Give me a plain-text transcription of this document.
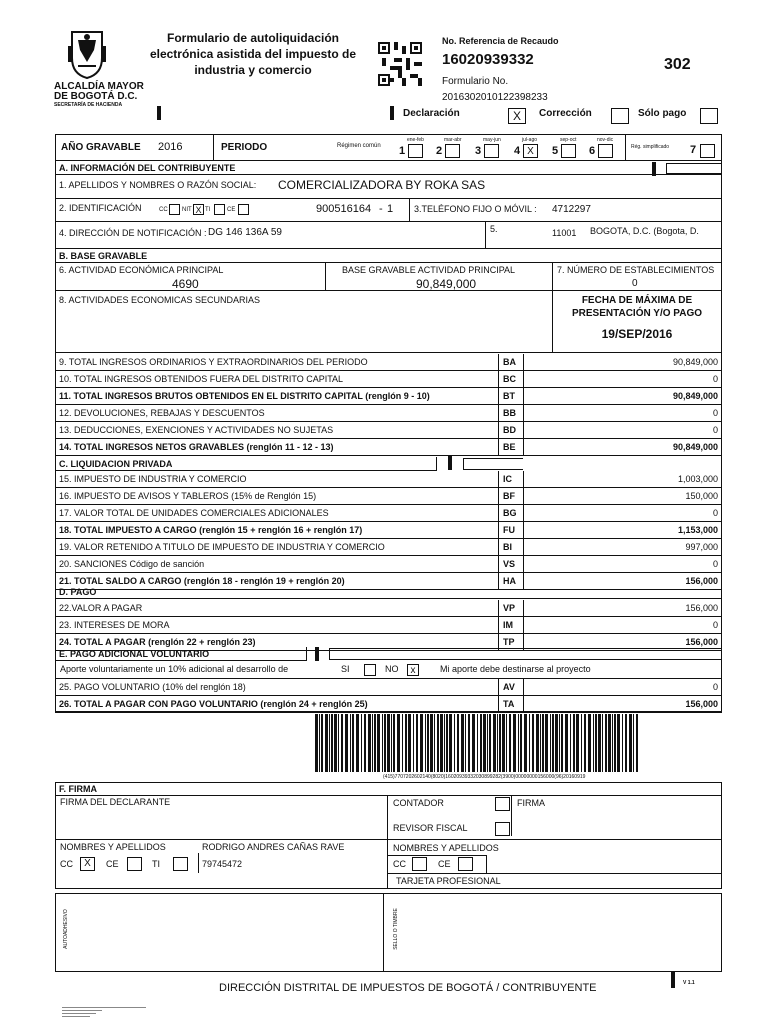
ALCALDÍA MAYOR
DE BOGOTÁ D.C.
SECRETARÍA DE HACIENDA
Formulario de autoliquidación electrónica asistida del impuesto de industria y comercio
No. Referencia de Recaudo
16020939332	302
Formulario No.
2016302010122398233
Declaración	X	Corrección	Sólo pago
AÑO GRAVABLE 2016	PERIODO	Régimen común
ene-feb
1
mar-abr
2
may-jun
3
jul-ago
4 X
sep-oct
5
nov-dic
6	Rég. simplificado 7
A. INFORMACIÓN DEL CONTRIBUYENTE
1. APELLIDOS Y NOMBRES O RAZÓN SOCIAL: COMERCIALIZADORA BY ROKA SAS
2. IDENTIFICACIÓN	CC NIT X TI	CE	900516164 - 1 3.TELÉFONO FIJO O MÓVIL : 4712297
4. DIRECCIÓN DE NOTIFICACIÓN : DG 146 136A 59	5.	11001 BOGOTA, D.C. (Bogota, D.
B. BASE GRAVABLE
6. ACTIVIDAD ECONÓMICA PRINCIPAL
4690
BASE GRAVABLE ACTIVIDAD PRINCIPAL
90,849,000
7. NÚMERO DE ESTABLECIMIENTOS
0
8. ACTIVIDADES ECONOMICAS SECUNDARIAS	FECHA DE MÁXIMA DE PRESENTACIÓN Y/O PAGO
19/SEP/2016
9. TOTAL INGRESOS ORDINARIOS Y EXTRAORDINARIOS DEL PERIODO	BA	90,849,000
10. TOTAL INGRESOS OBTENIDOS FUERA DEL DISTRITO CAPITAL	BC	0
11. TOTAL INGRESOS BRUTOS OBTENIDOS EN EL DISTRITO CAPITAL (renglón 9 - 10)	BT	90,849,000
12. DEVOLUCIONES, REBAJAS Y DESCUENTOS	BB	0
13. DEDUCCIONES, EXENCIONES Y ACTIVIDADES NO SUJETAS	BD	0
14. TOTAL INGRESOS NETOS GRAVABLES (renglón 11 - 12 - 13)	BE	90,849,000
C. LIQUIDACION PRIVADA
15. IMPUESTO DE INDUSTRIA Y COMERCIO	IC	1,003,000
16. IMPUESTO DE AVISOS Y TABLEROS (15% de Renglón 15)	BF	150,000
17. VALOR TOTAL DE UNIDADES COMERCIALES ADICIONALES	BG	0
18. TOTAL IMPUESTO A CARGO (renglón 15 + renglón 16 + renglón 17)	FU	1,153,000
19. VALOR RETENIDO A TITULO DE IMPUESTO DE INDUSTRIA Y COMERCIO	BI	997,000
20. SANCIONES Código de sanción	VS	0
21. TOTAL SALDO A CARGO (renglón 18 - renglón 19 + renglón 20)	HA	156,000
D. PAGO
22.VALOR A PAGAR	VP	156,000
23. INTERESES DE MORA	IM	0
24. TOTAL A PAGAR (renglón 22 + renglón 23)	TP	156,000
E. PAGO ADICIONAL VOLUNTARIO
Aporte voluntariamente un 10% adicional al desarrollo de	SI	NO	x	Mi aporte debe destinarse al proyecto
25. PAGO VOLUNTARIO (10% del renglón 18)	AV	0
26. TOTAL A PAGAR CON PAGO VOLUNTARIO (renglón 24 + renglón 25)	TA	156,000
(415)7707202602140(8020)16020939332030899282(3900)00000000156000(96)20160919
F. FIRMA
FIRMA DEL DECLARANTE	CONTADOR	FIRMA
REVISOR FISCAL
NOMBRES Y APELLIDOS	RODRIGO ANDRES CAÑAS RAVE	NOMBRES Y APELLIDOS
CC	X	CE	TI	79745472	CC	CE
TARJETA PROFESIONAL
AUTOADHESIVO	SELLO O TIMBRE
DIRECCIÓN DISTRITAL DE IMPUESTOS DE BOGOTÁ / CONTRIBUYENTE	V 1.1
